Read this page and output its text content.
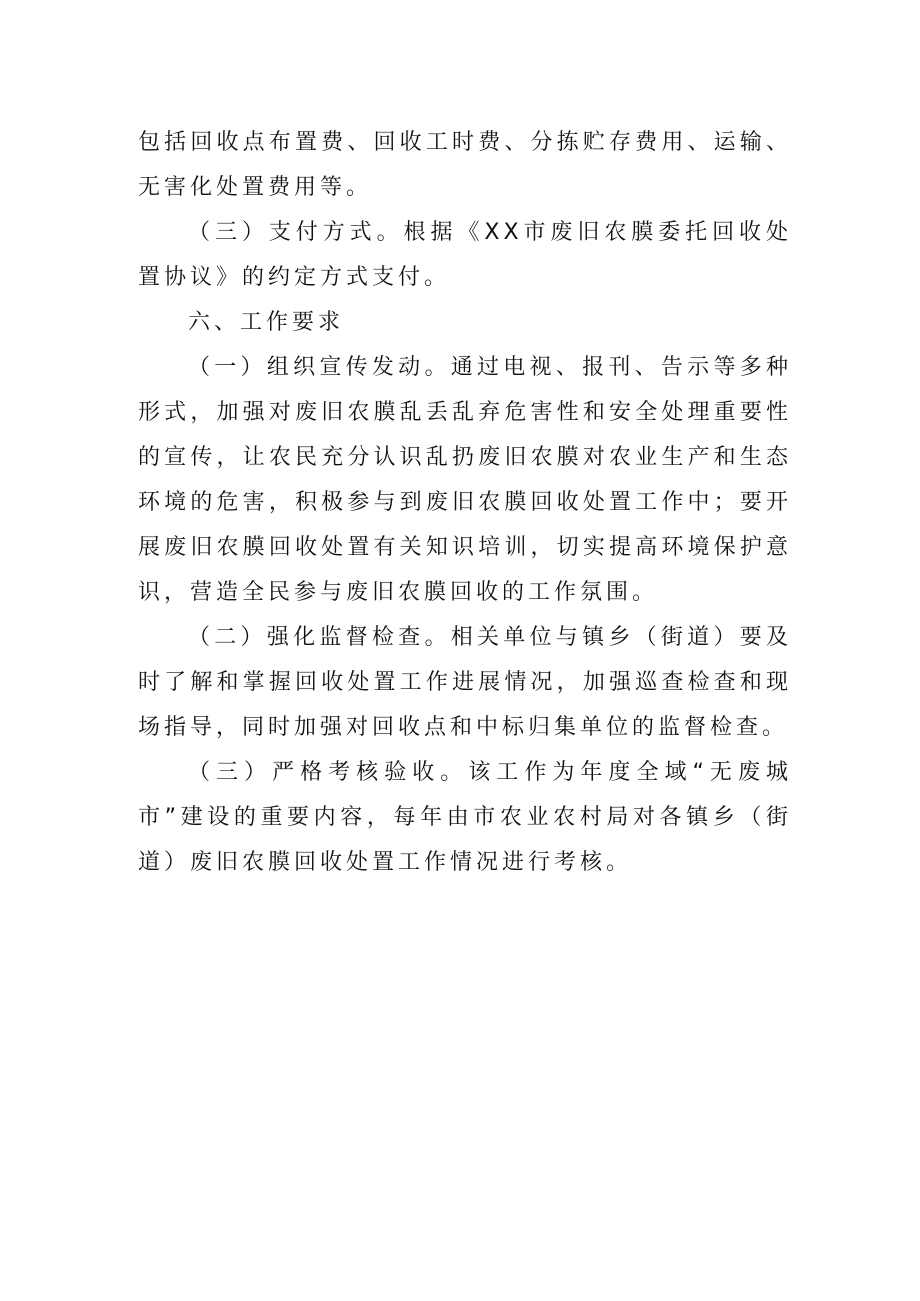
包括回收点布置费、回收工时费、分拣贮存费用、运输、无害化处置费用等。

（三）支付方式。根据《XX市废旧农膜委托回收处置协议》的约定方式支付。

六、工作要求

（一）组织宣传发动。通过电视、报刊、告示等多种形式，加强对废旧农膜乱丢乱弃危害性和安全处理重要性的宣传，让农民充分认识乱扔废旧农膜对农业生产和生态环境的危害，积极参与到废旧农膜回收处置工作中；要开展废旧农膜回收处置有关知识培训，切实提高环境保护意识，营造全民参与废旧农膜回收的工作氛围。

（二）强化监督检查。相关单位与镇乡（街道）要及时了解和掌握回收处置工作进展情况，加强巡查检查和现场指导，同时加强对回收点和中标归集单位的监督检查。

（三）严格考核验收。该工作为年度全域“无废城市”建设的重要内容，每年由市农业农村局对各镇乡（街道）废旧农膜回收处置工作情况进行考核。
